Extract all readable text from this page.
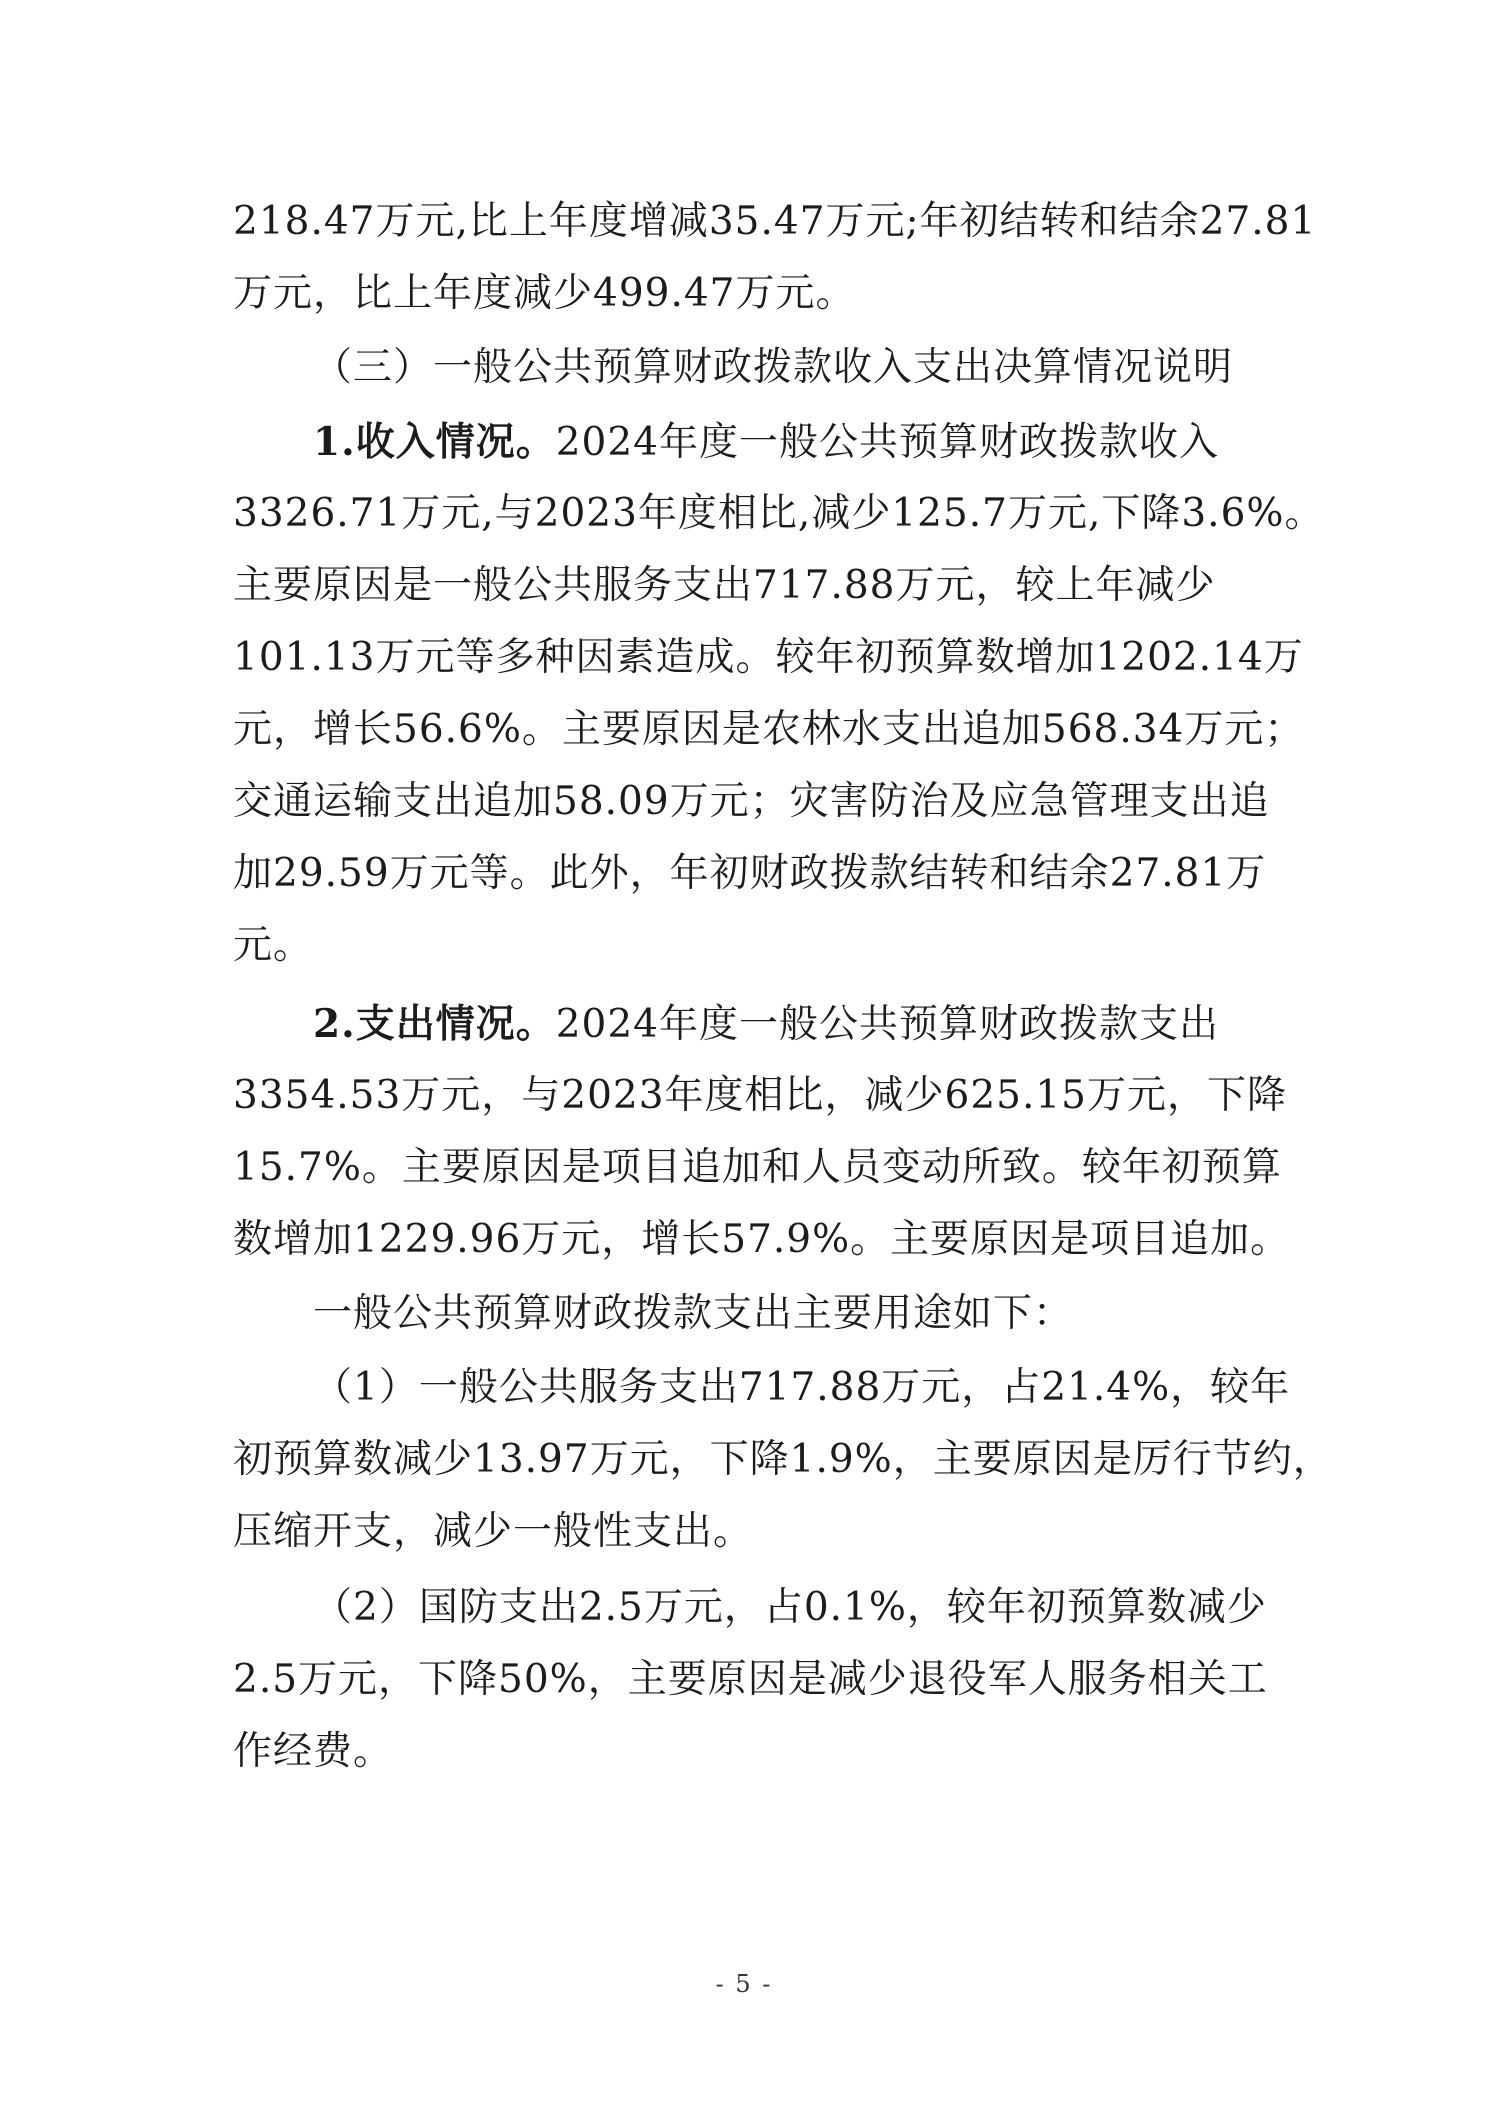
218.47万元,比上年度增减35.47万元;年初结转和结余27.81
万元，比上年度减少499.47万元。
（三）一般公共预算财政拨款收入支出决算情况说明
1.收入情况。2024年度一般公共预算财政拨款收入
3326.71万元,与2023年度相比,减少125.7万元,下降3.6%。
主要原因是一般公共服务支出717.88万元，较上年减少
101.13万元等多种因素造成。较年初预算数增加1202.14万
元，增长56.6%。主要原因是农林水支出追加568.34万元；
交通运输支出追加58.09万元；灾害防治及应急管理支出追
加29.59万元等。此外，年初财政拨款结转和结余27.81万
元。
2.支出情况。2024年度一般公共预算财政拨款支出
3354.53万元，与2023年度相比，减少625.15万元，下降
15.7%。主要原因是项目追加和人员变动所致。较年初预算
数增加1229.96万元，增长57.9%。主要原因是项目追加。
一般公共预算财政拨款支出主要用途如下：
（1）一般公共服务支出717.88万元，占21.4%，较年
初预算数减少13.97万元，下降1.9%，主要原因是厉行节约，
压缩开支，减少一般性支出。
（2）国防支出2.5万元，占0.1%，较年初预算数减少
2.5万元，下降50%，主要原因是减少退役军人服务相关工
作经费。
- 5 -
